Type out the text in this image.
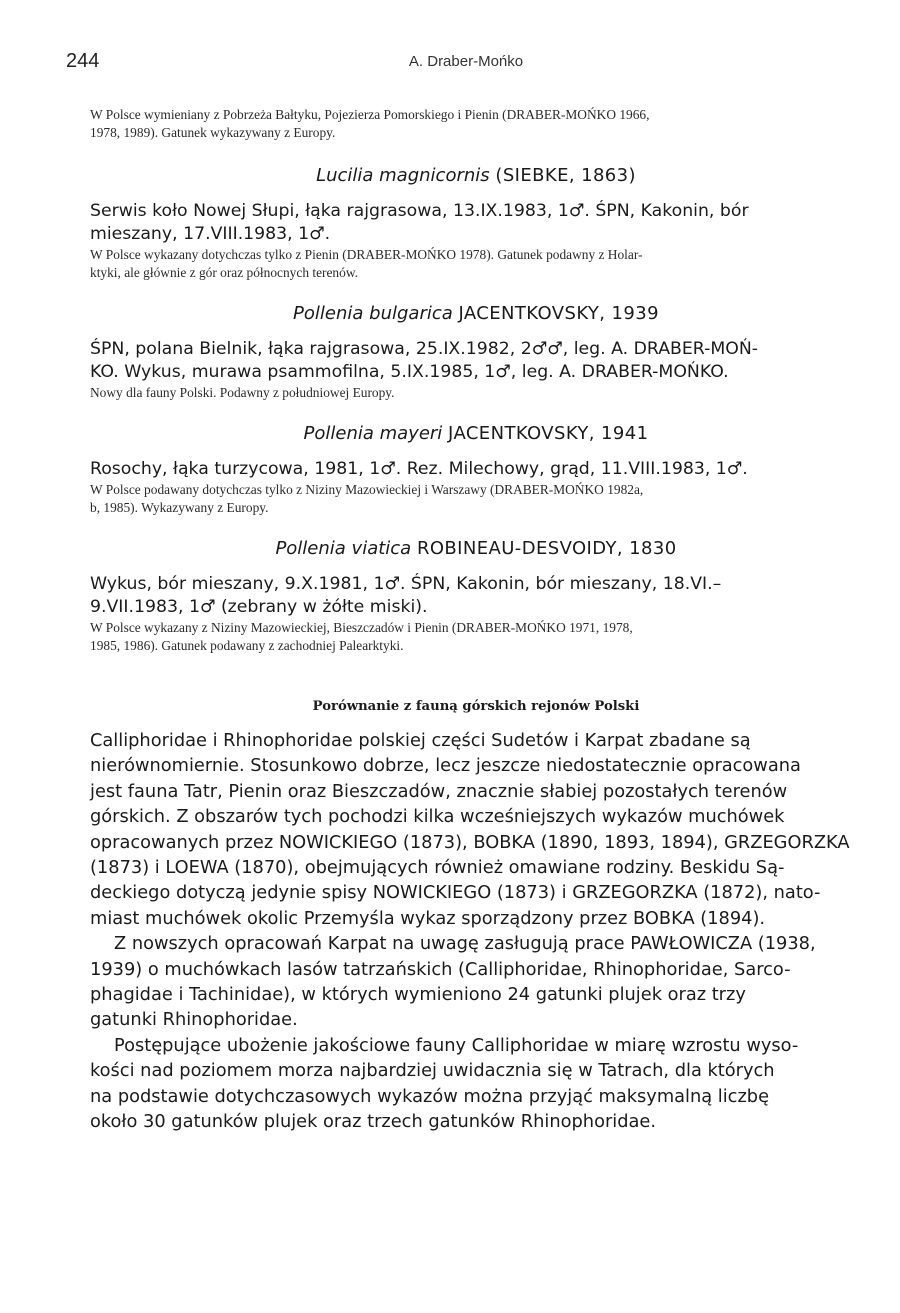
244	A. Draber-Mońko

W Polsce wymieniany z Pobrzeża Bałtyku, Pojezierza Pomorskiego i Pienin (DRABER-MOŃKO 1966,

1978, 1989). Gatunek wykazywany z Europy.

Lucilia magnicornis (SIEBKE, 1863)

Serwis koło Nowej Słupi, łąka rajgrasowa, 13.IX.1983, 1♂. ŚPN, Kakonin, bór

mieszany, 17.VIII.1983, 1♂.

W Polsce wykazany dotychczas tylko z Pienin (DRABER-MOŃKO 1978). Gatunek podawny z Holar-

ktyki, ale głównie z gór oraz północnych terenów.

Pollenia bulgarica JACENTKOVSKY, 1939

ŚPN, polana Bielnik, łąka rajgrasowa, 25.IX.1982, 2♂♂, leg. A. DRABER-MOŃ-

KO. Wykus, murawa psammofilna, 5.IX.1985, 1♂, leg. A. DRABER-MOŃKO.

Nowy dla fauny Polski. Podawny z południowej Europy.

Pollenia mayeri JACENTKOVSKY, 1941

Rosochy, łąka turzycowa, 1981, 1♂. Rez. Milechowy, grąd, 11.VIII.1983, 1♂.

W Polsce podawany dotychczas tylko z Niziny Mazowieckiej i Warszawy (DRABER-MOŃKO 1982a,

b, 1985). Wykazywany z Europy.

Pollenia viatica ROBINEAU-DESVOIDY, 1830

Wykus, bór mieszany, 9.X.1981, 1♂. ŚPN, Kakonin, bór mieszany, 18.VI.–

9.VII.1983, 1♂ (zebrany w żółte miski).

W Polsce wykazany z Niziny Mazowieckiej, Bieszczadów i Pienin (DRABER-MOŃKO 1971, 1978,

1985, 1986). Gatunek podawany z zachodniej Palearktyki.

Porównanie z fauną górskich rejonów Polski

Calliphoridae i Rhinophoridae polskiej części Sudetów i Karpat zbadane są

nierównomiernie. Stosunkowo dobrze, lecz jeszcze niedostatecznie opracowana

jest fauna Tatr, Pienin oraz Bieszczadów, znacznie słabiej pozostałych terenów

górskich. Z obszarów tych pochodzi kilka wcześniejszych wykazów muchówek

opracowanych przez NOWICKIEGO (1873), BOBKA (1890, 1893, 1894), GRZEGORZKA

(1873) i LOEWA (1870), obejmujących również omawiane rodziny. Beskidu Są-

deckiego dotyczą jedynie spisy NOWICKIEGO (1873) i GRZEGORZKA (1872), nato-

miast muchówek okolic Przemyśla wykaz sporządzony przez BOBKA (1894).

Z nowszych opracowań Karpat na uwagę zasługują prace PAWŁOWICZA (1938,

1939) o muchówkach lasów tatrzańskich (Calliphoridae, Rhinophoridae, Sarco-

phagidae i Tachinidae), w których wymieniono 24 gatunki plujek oraz trzy

gatunki Rhinophoridae.

Postępujące ubożenie jakościowe fauny Calliphoridae w miarę wzrostu wyso-

kości nad poziomem morza najbardziej uwidacznia się w Tatrach, dla których

na podstawie dotychczasowych wykazów można przyjąć maksymalną liczbę

około 30 gatunków plujek oraz trzech gatunków Rhinophoridae.
